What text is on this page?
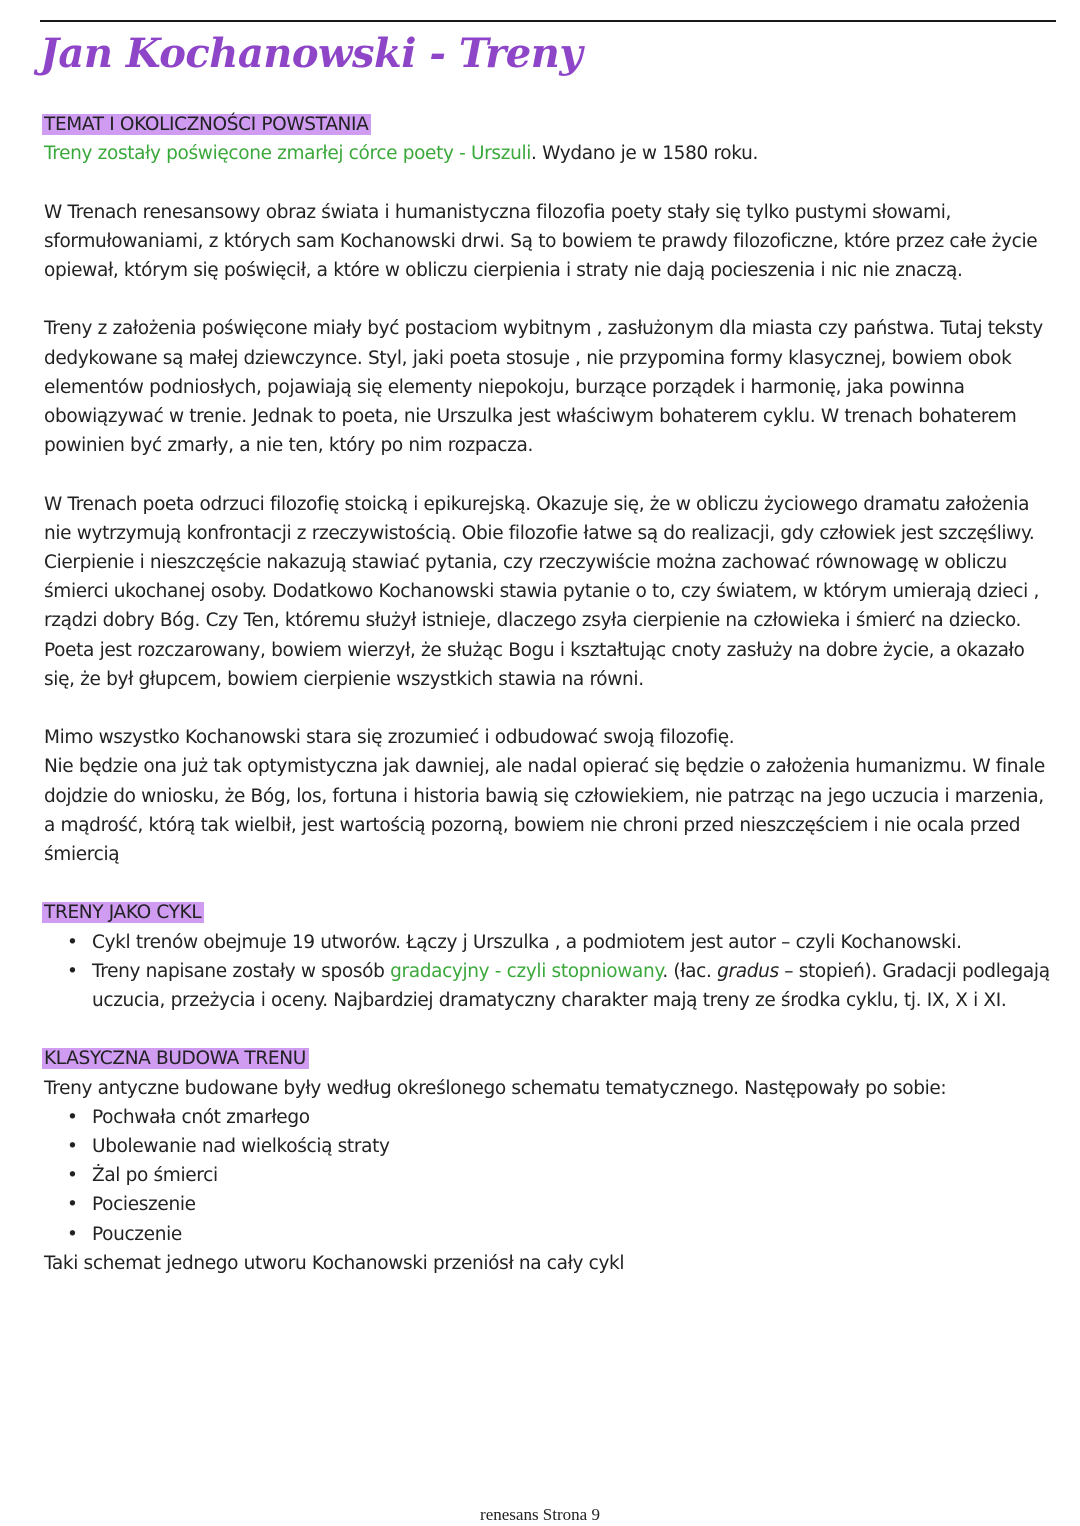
Jan Kochanowski - Treny

TEMAT I OKOLICZNOŚCI POWSTANIA

Treny zostały poświęcone zmarłej córce poety - Urszuli. Wydano je w 1580 roku.

W Trenach renesansowy obraz świata i humanistyczna filozofia poety stały się tylko pustymi słowami, sformułowaniami, z których sam Kochanowski drwi. Są to bowiem te prawdy filozoficzne, które przez całe życie opiewał, którym się poświęcił, a które w obliczu cierpienia i straty nie dają pocieszenia i nic nie znaczą.

Treny z założenia poświęcone miały być postaciom wybitnym , zasłużonym dla miasta czy państwa. Tutaj teksty dedykowane są małej dziewczynce. Styl, jaki poeta stosuje , nie przypomina formy klasycznej, bowiem obok elementów podniosłych, pojawiają się elementy niepokoju, burzące porządek i harmonię, jaka powinna obowiązywać w trenie. Jednak to poeta, nie Urszulka jest właściwym bohaterem cyklu. W trenach bohaterem powinien być zmarły, a nie ten, który po nim rozpacza.

W Trenach poeta odrzuci filozofię stoicką i epikurejską. Okazuje się, że w obliczu życiowego dramatu założenia nie wytrzymują konfrontacji z rzeczywistością. Obie filozofie łatwe są do realizacji, gdy człowiek jest szczęśliwy. Cierpienie i nieszczęście nakazują stawiać pytania, czy rzeczywiście można zachować równowagę w obliczu śmierci ukochanej osoby. Dodatkowo Kochanowski stawia pytanie o to, czy światem, w którym umierają dzieci , rządzi dobry Bóg. Czy Ten, któremu służył istnieje, dlaczego zsyła cierpienie na człowieka i śmierć na dziecko. Poeta jest rozczarowany, bowiem wierzył, że służąc Bogu i kształtując cnoty zasłuży na dobre życie, a okazało się, że był głupcem, bowiem cierpienie wszystkich stawia na równi.

Mimo wszystko Kochanowski stara się zrozumieć i odbudować swoją filozofię.

Nie będzie ona już tak optymistyczna jak dawniej, ale nadal opierać się będzie o założenia humanizmu. W finale dojdzie do wniosku, że Bóg, los, fortuna i historia bawią się człowiekiem, nie patrząc na jego uczucia i marzenia, a mądrość, którą tak wielbił, jest wartością pozorną, bowiem nie chroni przed nieszczęściem i nie ocala przed śmiercią

TRENY JAKO CYKL

• Cykl trenów obejmuje 19 utworów. Łączy j Urszulka , a podmiotem jest autor – czyli Kochanowski.
• Treny napisane zostały w sposób gradacyjny - czyli stopniowany. (łac. gradus – stopień). Gradacji podlegają uczucia, przeżycia i oceny. Najbardziej dramatyczny charakter mają treny ze środka cyklu, tj. IX, X i XI.

KLASYCZNA BUDOWA TRENU

Treny antyczne budowane były według określonego schematu tematycznego. Następowały po sobie:

• Pochwała cnót zmarłego
• Ubolewanie nad wielkością straty
• Żal po śmierci
• Pocieszenie
• Pouczenie

Taki schemat jednego utworu Kochanowski przeniósł na cały cykl

renesans Strona 9
